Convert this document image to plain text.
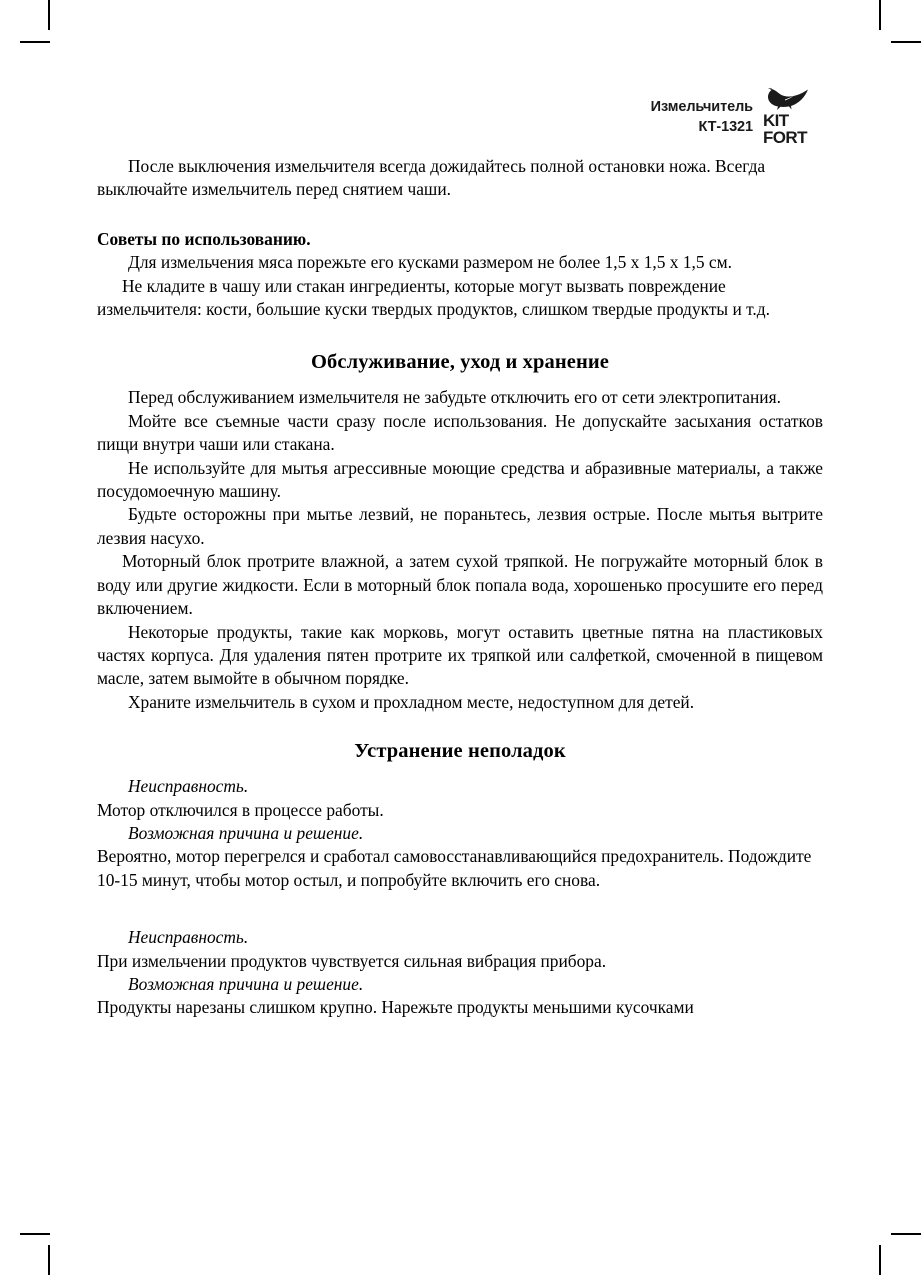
Измельчитель
КТ-1321 KIT
FORT

После выключения измельчителя всегда дожидайтесь полной остановки ножа. Всегда выключайте измельчитель перед снятием чаши.

Советы по использованию.

Для измельчения мяса порежьте его кусками размером не более 1,5 х 1,5 х 1,5 см.

Не кладите в чашу или стакан ингредиенты, которые могут вызвать повреждение измельчителя: кости, большие куски твердых продуктов, слишком твердые продукты и т.д.

Обслуживание, уход и хранение

Перед обслуживанием измельчителя не забудьте отключить его от сети электропитания.

Мойте все съемные части сразу после использования. Не допускайте засыхания остатков пищи внутри чаши или стакана.

Не используйте для мытья агрессивные моющие средства и абразивные материалы, а также посудомоечную машину.

Будьте осторожны при мытье лезвий, не пораньтесь, лезвия острые. После мытья вытрите лезвия насухо.

Моторный блок протрите влажной, а затем сухой тряпкой. Не погружайте моторный блок в воду или другие жидкости. Если в моторный блок попала вода, хорошенько просушите его перед включением.

Некоторые продукты, такие как морковь, могут оставить цветные пятна на пластиковых частях корпуса. Для удаления пятен протрите их тряпкой или салфеткой, смоченной в пищевом масле, затем вымойте в обычном порядке.

Храните измельчитель в сухом и прохладном месте, недоступном для детей.

Устранение неполадок

Неисправность.

Мотор отключился в процессе работы.

Возможная причина и решение.

Вероятно, мотор перегрелся и сработал самовосстанавливающийся предохранитель. Подождите 10-15 минут, чтобы мотор остыл, и попробуйте включить его снова.

Неисправность.

При измельчении продуктов чувствуется сильная вибрация прибора.

Возможная причина и решение.

Продукты нарезаны слишком крупно. Нарежьте продукты меньшими кусочками
